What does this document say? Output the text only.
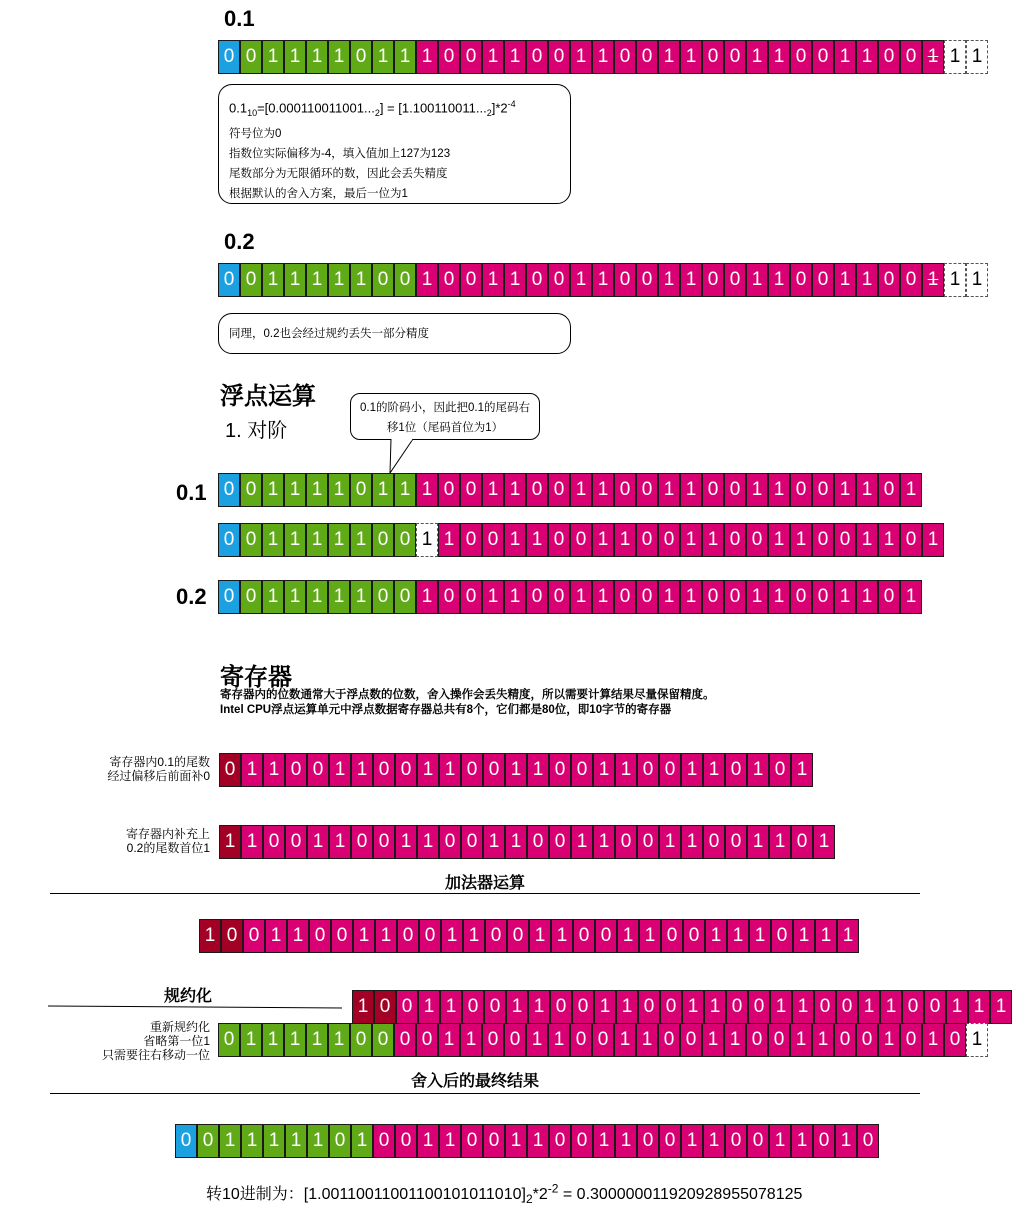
0.1
0 0 1 1 1 1 0 1 1 1 0 0 1 1 0 0 1 1 0 0 1 1 0 0 1 1 0 0 1 1 0 0 1 1 1
$0.1_{10}=[0.000110011001..._2] = [1.100110011..._2]*2^{-4}$
符号位为0
指数位实际偏移为-4，填入值加上127为123
尾数部分为无限循环的数，因此会丢失精度
根据默认的舍入方案，最后一位为1
0.2
0 0 1 1 1 1 1 0 0 1 0 0 1 1 0 0 1 1 0 0 1 1 0 0 1 1 0 0 1 1 0 0 1 1 1
同理，0.2也会经过规约丢失一部分精度
浮点运算
1. 对阶
0.1的阶码小，因此把0.1的尾码右移1位（尾码首位为1）
0.1 0 0 1 1 1 1 0 1 1 1 0 0 1 1 0 0 1 1 0 0 1 1 0 0 1 1 0 0 1 1 0 1
0 0 1 1 1 1 1 0 0 1 1 0 0 1 1 0 0 1 1 0 0 1 1 0 0 1 1 0 0 1 1 0 1
0.2 0 0 1 1 1 1 1 0 0 1 0 0 1 1 0 0 1 1 0 0 1 1 0 0 1 1 0 0 1 1 0 1
寄存器
寄存器内的位数通常大于浮点数的位数，舍入操作会丢失精度，所以需要计算结果尽量保留精度。
Intel CPU浮点运算单元中浮点数据寄存器总共有8个，它们都是80位，即10字节的寄存器
寄存器内0.1的尾数
经过偏移后前面补0 0 1 1 0 0 1 1 0 0 1 1 0 0 1 1 0 0 1 1 0 0 1 1 0 1 0 1
寄存器内补充上
0.2的尾数首位1 1 1 0 0 1 1 0 0 1 1 0 0 1 1 0 0 1 1 0 0 1 1 0 0 1 1 0 1
加法器运算
1 0 0 1 1 0 0 1 1 0 0 1 1 0 0 1 1 0 0 1 1 0 0 1 1 1 0 1 1 1
规约化	1 0 0 1 1 0 0 1 1 0 0 1 1 0 0 1 1 0 0 1 1 0 0 1 1 0 0 1 1 1
重新规约化
省略第一位1
只需要往右移动一位
0 1 1 1 1 1 0 0 0 0 1 1 0 0 1 1 0 0 1 1 0 0 1 1 0 0 1 1 0 0 1 0 1 0 1
舍入后的最终结果
0 0 1 1 1 1 1 0 1 0 0 1 1 0 0 1 1 0 0 1 1 0 0 1 1 0 0 1 1 0 1 0
转10进制为：$[1.00110011001100101011010]_2*2^{-2} = 0.300000011920928955078125$
